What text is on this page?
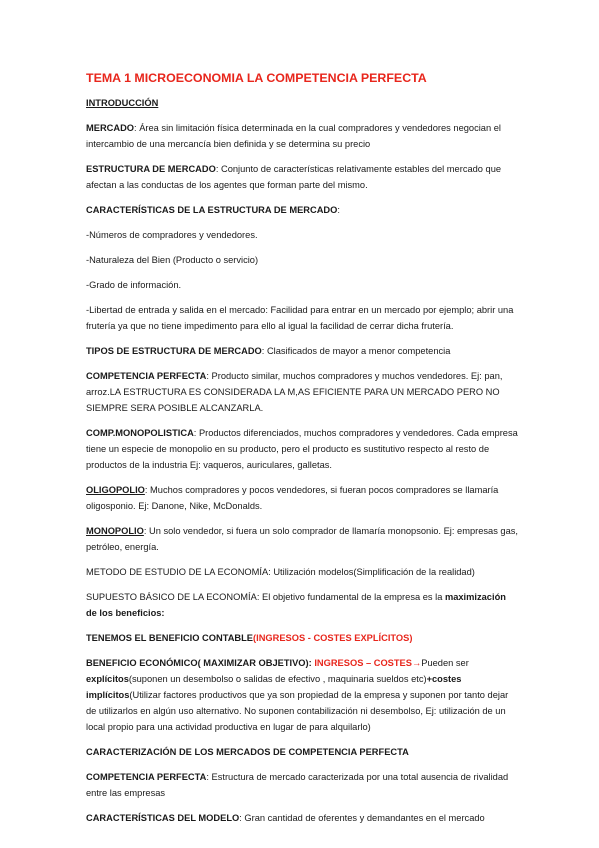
TEMA 1 MICROECONOMIA LA COMPETENCIA PERFECTA
INTRODUCCIÓN
MERCADO: Área sin limitación física determinada en la cual compradores y vendedores negocian el intercambio de una mercancía bien definida y se determina su precio
ESTRUCTURA DE MERCADO: Conjunto de características relativamente estables del mercado que afectan a las conductas de los agentes que forman parte del mismo.
CARACTERÍSTICAS DE LA ESTRUCTURA DE MERCADO:
-Números de compradores y vendedores.
-Naturaleza del Bien (Producto o servicio)
-Grado de información.
-Libertad de entrada y salida en el mercado: Facilidad para entrar en un mercado por ejemplo; abrir una frutería ya que no tiene impedimento para ello al igual la facilidad de cerrar dicha frutería.
TIPOS DE ESTRUCTURA DE MERCADO: Clasificados de mayor a menor competencia
COMPETENCIA PERFECTA: Producto similar, muchos compradores y muchos vendedores. Ej: pan, arroz.LA ESTRUCTURA ES CONSIDERADA LA M,AS EFICIENTE PARA UN MERCADO PERO NO SIEMPRE SERA POSIBLE ALCANZARLA.
COMP.MONOPOLISTICA: Productos diferenciados, muchos compradores y vendedores. Cada empresa tiene un especie de monopolio en su producto, pero el producto es sustitutivo respecto al resto de productos de la industria Ej: vaqueros, auriculares, galletas.
OLIGOPOLIO: Muchos compradores y pocos vendedores, si fueran pocos compradores se llamaría oligosponio. Ej: Danone, Nike, McDonalds.
MONOPOLIO: Un solo vendedor, si fuera un solo comprador de llamaría monopsonio. Ej: empresas gas, petróleo, energía.
METODO DE ESTUDIO DE LA ECONOMÍA: Utilización modelos(Simplificación de la realidad)
SUPUESTO BÁSICO DE LA ECONOMÍA: El objetivo fundamental de la empresa es la maximización de los beneficios:
TENEMOS EL BENEFICIO CONTABLE(INGRESOS - COSTES EXPLÍCITOS)
BENEFICIO ECONÓMICO( MAXIMIZAR OBJETIVO): INGRESOS – COSTES→Pueden ser explícitos(suponen un desembolso o salidas de efectivo , maquinaria sueldos etc)+costes implícitos(Utilizar factores productivos que ya son propiedad de la empresa y suponen por tanto dejar de utilizarlos en algún uso alternativo. No suponen contabilización ni desembolso, Ej: utilización de un local propio para una actividad productiva en lugar de para alquilarlo)
CARACTERIZACIÓN DE LOS MERCADOS DE COMPETENCIA PERFECTA
COMPETENCIA PERFECTA: Estructura de mercado caracterizada por una total ausencia de rivalidad entre las empresas
CARACTERÍSTICAS DEL MODELO: Gran cantidad de oferentes y demandantes en el mercado
